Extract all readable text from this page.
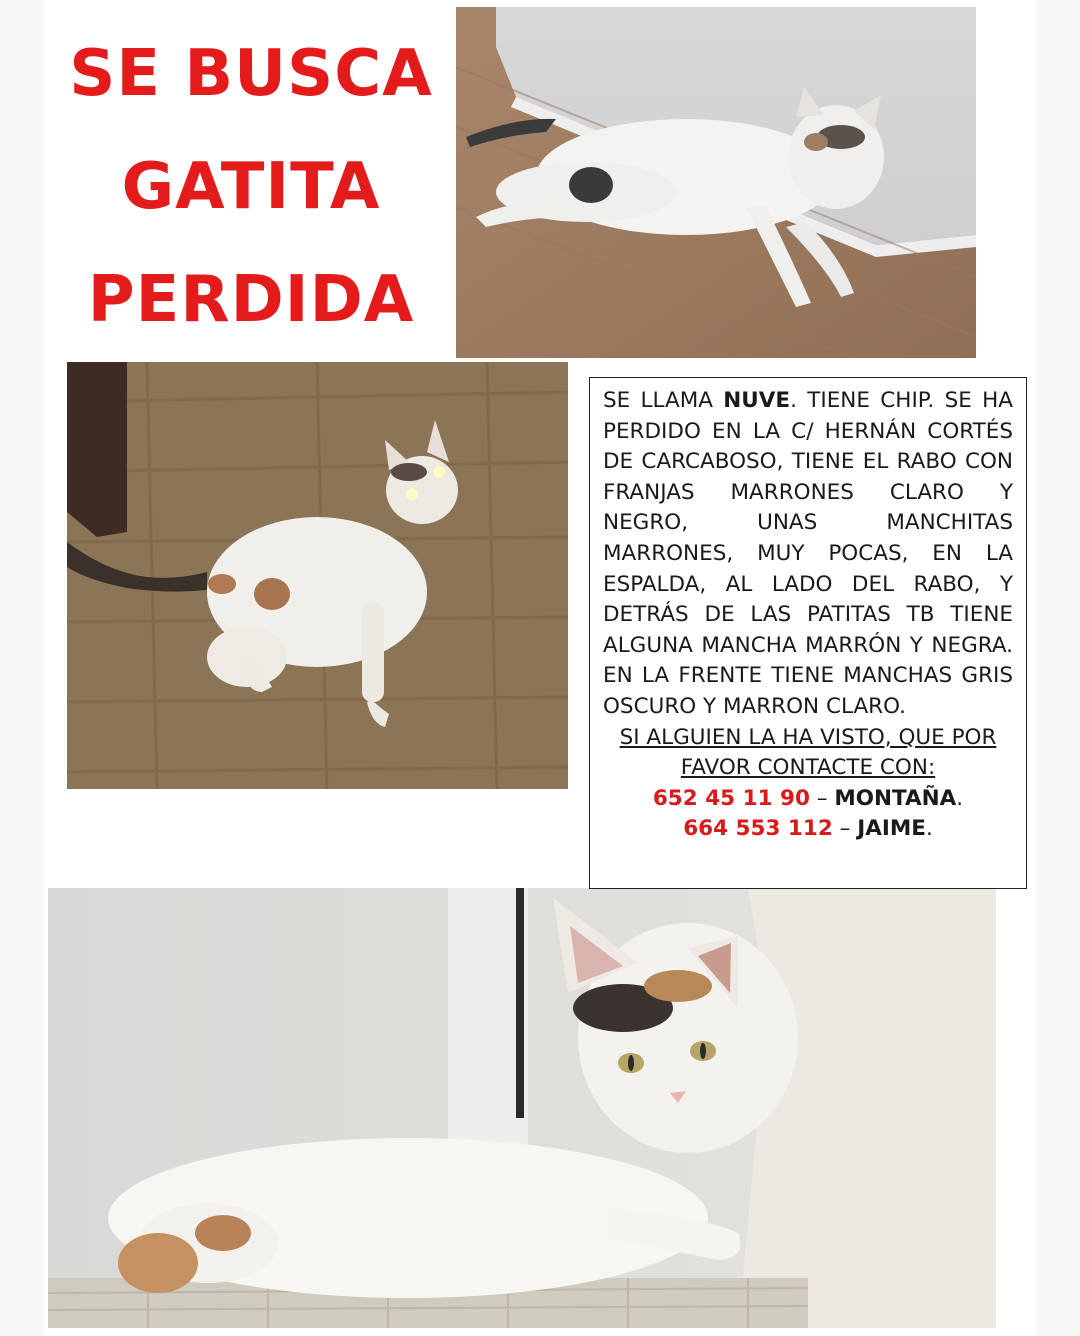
SE BUSCA
GATITA
PERDIDA
SE LLAMA NUVE. TIENE CHIP. SE HA PERDIDO EN LA C/ HERNÁN CORTÉS DE CARCABOSO, TIENE EL RABO CON FRANJAS MARRONES CLARO Y NEGRO, UNAS MANCHITAS MARRONES, MUY POCAS, EN LA ESPALDA, AL LADO DEL RABO, Y DETRÁS DE LAS PATITAS TB TIENE ALGUNA MANCHA MARRÓN Y NEGRA. EN LA FRENTE TIENE MANCHAS GRIS OSCURO Y MARRON CLARO.
SI ALGUIEN LA HA VISTO, QUE POR FAVOR CONTACTE CON:
652 45 11 90 – MONTAÑA.
664 553 112 – JAIME.
